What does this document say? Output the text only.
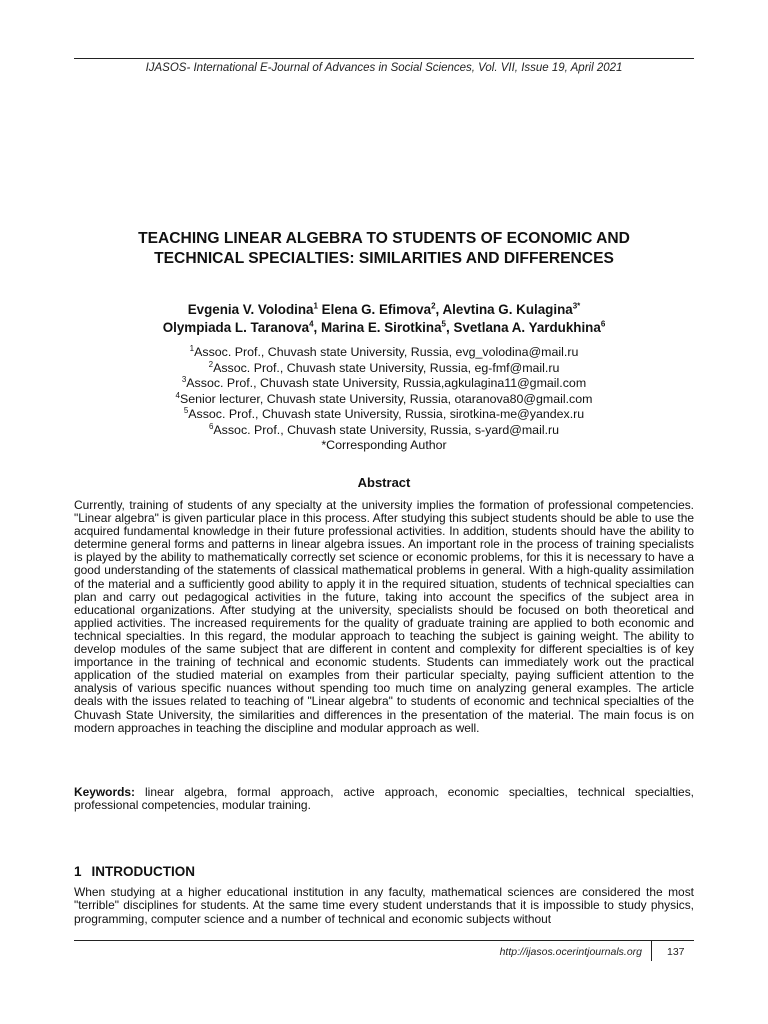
IJASOS- International E-Journal of Advances in Social Sciences, Vol. VII, Issue 19, April 2021
TEACHING LINEAR ALGEBRA TO STUDENTS OF ECONOMIC AND
TECHNICAL SPECIALTIES: SIMILARITIES AND DIFFERENCES
Evgenia V. Volodina$^1$ Elena G. Efimova$^2$, Alevtina G. Kulagina$^{3*}$
Olympiada L. Taranova$^4$, Marina E. Sirotkina$^5$, Svetlana A. Yardukhina$^6$
$^1$Assoc. Prof., Chuvash state University, Russia, evg_volodina@mail.ru
$^2$Assoc. Prof., Chuvash state University, Russia, eg-fmf@mail.ru
$^3$Assoc. Prof., Chuvash state University, Russia,agkulagina11@gmail.com
$^4$Senior lecturer, Chuvash state University, Russia, otaranova80@gmail.com
$^5$Assoc. Prof., Chuvash state University, Russia, sirotkina-me@yandex.ru
$^6$Assoc. Prof., Chuvash state University, Russia, s-yard@mail.ru
*Corresponding Author
Abstract

Currently, training of students of any specialty at the university implies the formation of professional competencies. "Linear algebra" is given particular place in this process. After studying this subject students should be able to use the acquired fundamental knowledge in their future professional activities. In addition, students should have the ability to determine general forms and patterns in linear algebra issues. An important role in the process of training specialists is played by the ability to mathematically correctly set science or economic problems, for this it is necessary to have a good understanding of the statements of classical mathematical problems in general. With a high-quality assimilation of the material and a sufficiently good ability to apply it in the required situation, students of technical specialties can plan and carry out pedagogical activities in the future, taking into account the specifics of the subject area in educational organizations. After studying at the university, specialists should be focused on both theoretical and applied activities. The increased requirements for the quality of graduate training are applied to both economic and technical specialties. In this regard, the modular approach to teaching the subject is gaining weight. The ability to develop modules of the same subject that are different in content and complexity for different specialties is of key importance in the training of technical and economic students. Students can immediately work out the practical application of the studied material on examples from their particular specialty, paying sufficient attention to the analysis of various specific nuances without spending too much time on analyzing general examples. The article deals with the issues related to teaching of "Linear algebra" to students of economic and technical specialties of the Chuvash State University, the similarities and differences in the presentation of the material. The main focus is on modern approaches in teaching the discipline and modular approach as well.

Keywords: linear algebra, formal approach, active approach, economic specialties, technical specialties, professional competencies, modular training.

1 INTRODUCTION

When studying at a higher educational institution in any faculty, mathematical sciences are considered the most "terrible" disciplines for students. At the same time every student understands that it is impossible to study physics, programming, computer science and a number of technical and economic subjects without

http://ijasos.ocerintjournals.org 137
